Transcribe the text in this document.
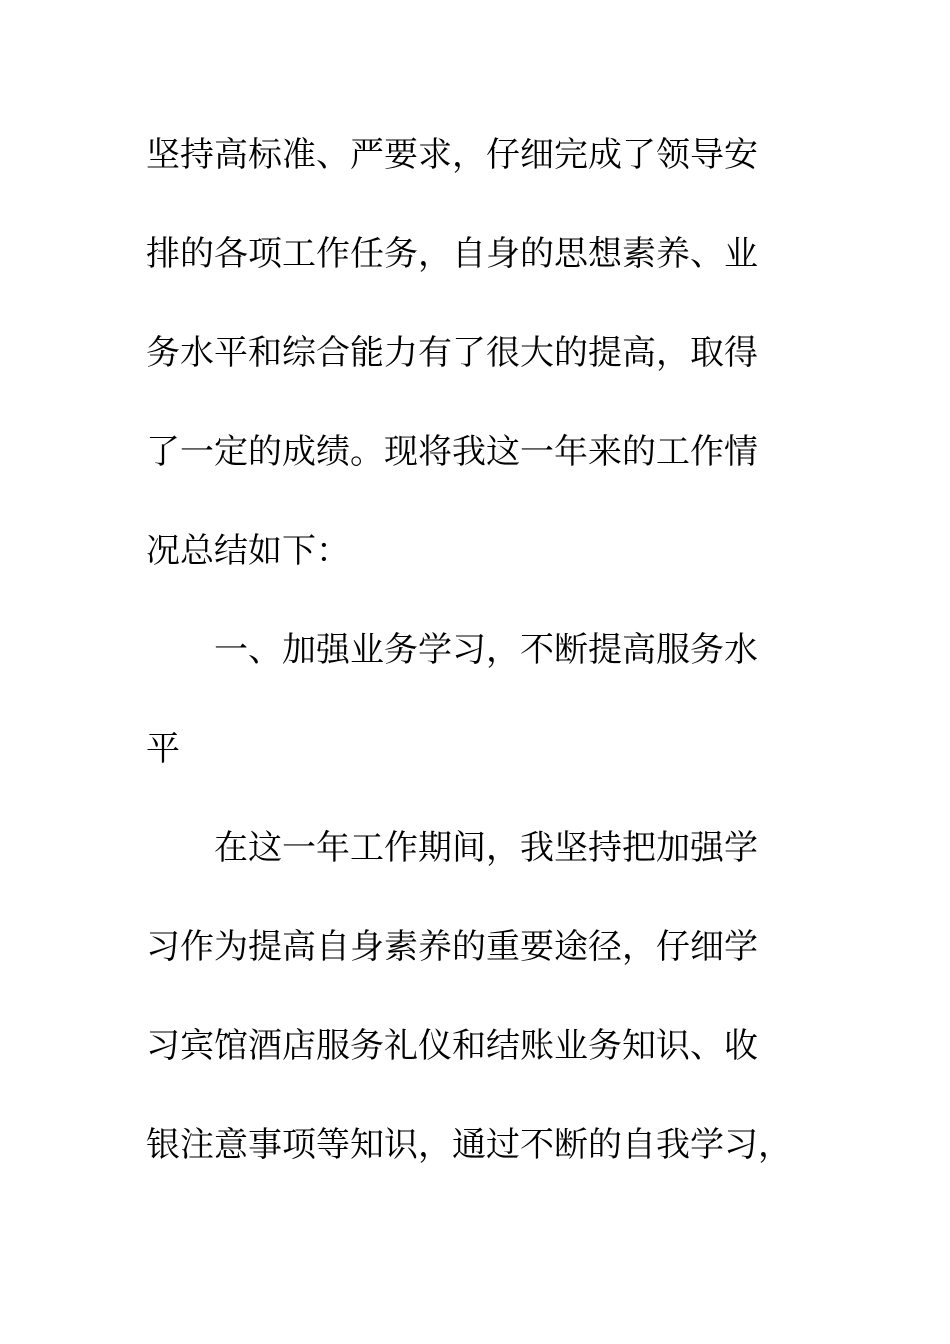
坚持高标准、严要求，仔细完成了领导安
排的各项工作任务，自身的思想素养、业
务水平和综合能力有了很大的提高，取得
了一定的成绩。现将我这一年来的工作情
况总结如下：
一、加强业务学习，不断提高服务水
平
在这一年工作期间，我坚持把加强学
习作为提高自身素养的重要途径，仔细学
习宾馆酒店服务礼仪和结账业务知识、收
银注意事项等知识，通过不断的自我学习，
